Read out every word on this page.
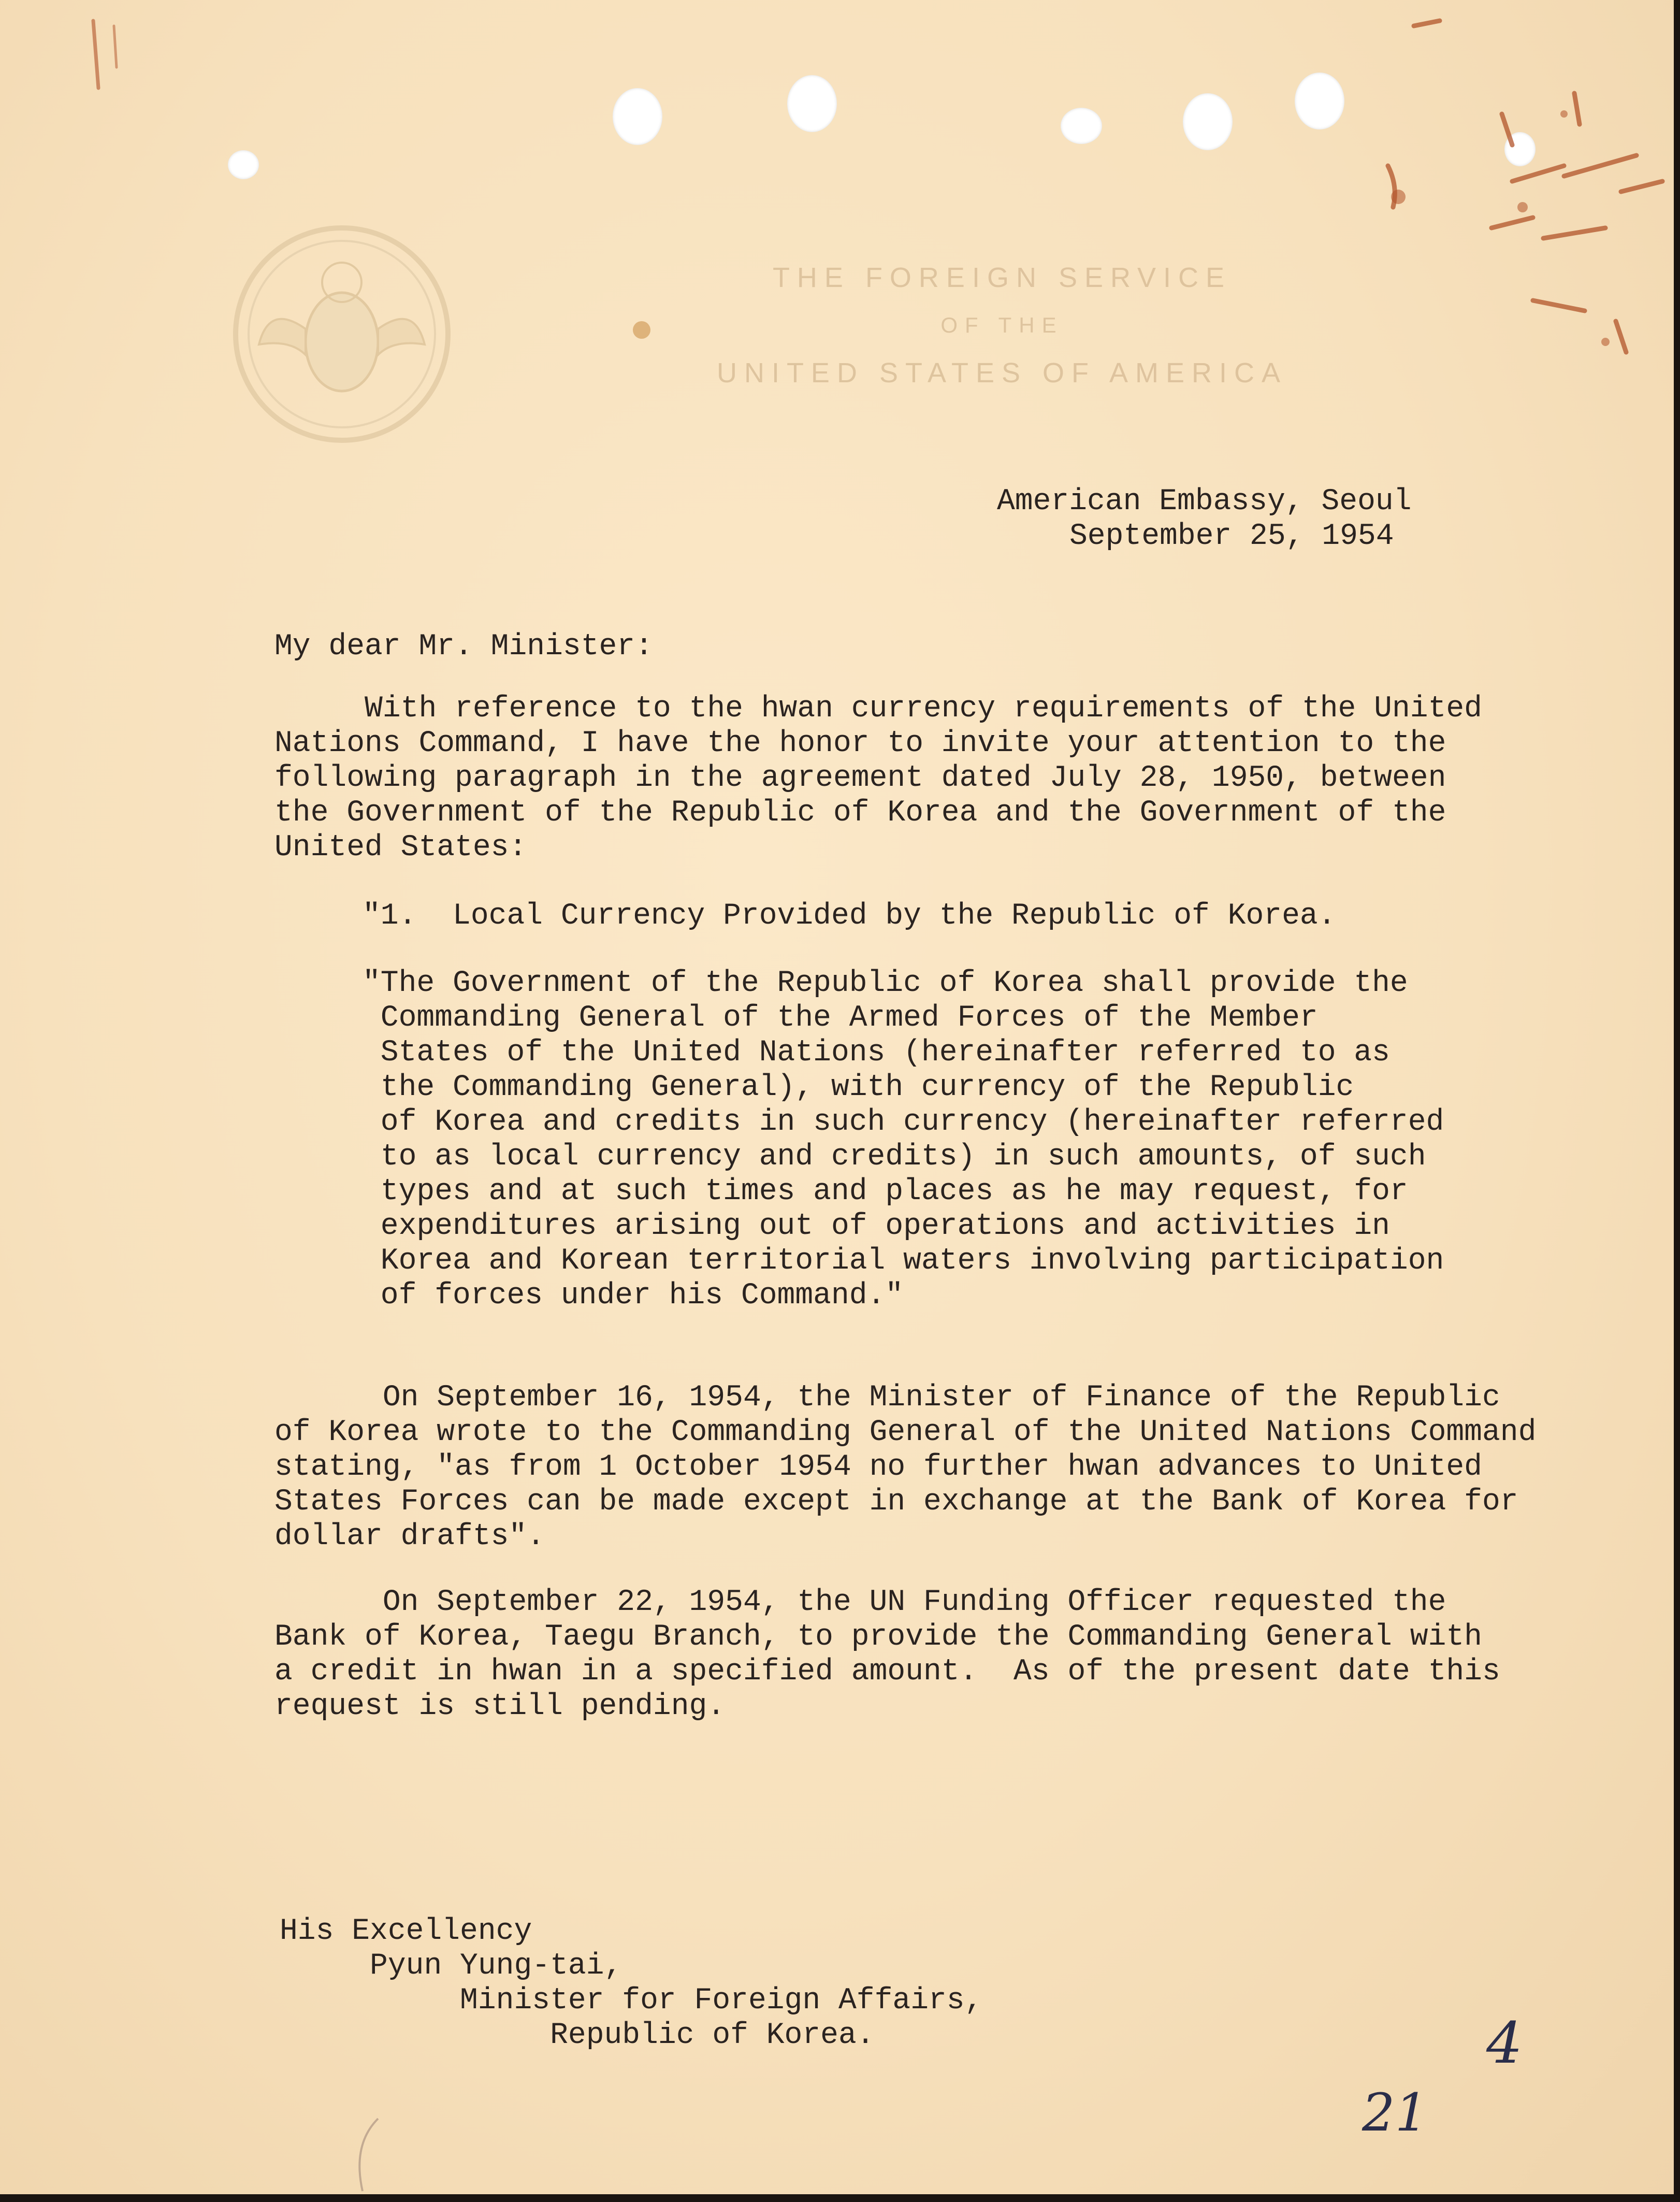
THE FOREIGN SERVICE
OF THE
UNITED STATES OF AMERICA
American Embassy, Seoul
September 25, 1954
My dear Mr. Minister:
With reference to the hwan currency requirements of the United
Nations Command, I have the honor to invite your attention to the
following paragraph in the agreement dated July 28, 1950, between
the Government of the Republic of Korea and the Government of the
United States:
"1.  Local Currency Provided by the Republic of Korea.
"The Government of the Republic of Korea shall provide the
Commanding General of the Armed Forces of the Member
States of the United Nations (hereinafter referred to as
the Commanding General), with currency of the Republic
of Korea and credits in such currency (hereinafter referred
to as local currency and credits) in such amounts, of such
types and at such times and places as he may request, for
expenditures arising out of operations and activities in
Korea and Korean territorial waters involving participation
of forces under his Command."
On September 16, 1954, the Minister of Finance of the Republic
of Korea wrote to the Commanding General of the United Nations Command
stating, "as from 1 October 1954 no further hwan advances to United
States Forces can be made except in exchange at the Bank of Korea for
dollar drafts".
On September 22, 1954, the UN Funding Officer requested the
Bank of Korea, Taegu Branch, to provide the Commanding General with
a credit in hwan in a specified amount.  As of the present date this
request is still pending.
His Excellency
Pyun Yung-tai,
Minister for Foreign Affairs,
Republic of Korea.	4
21
